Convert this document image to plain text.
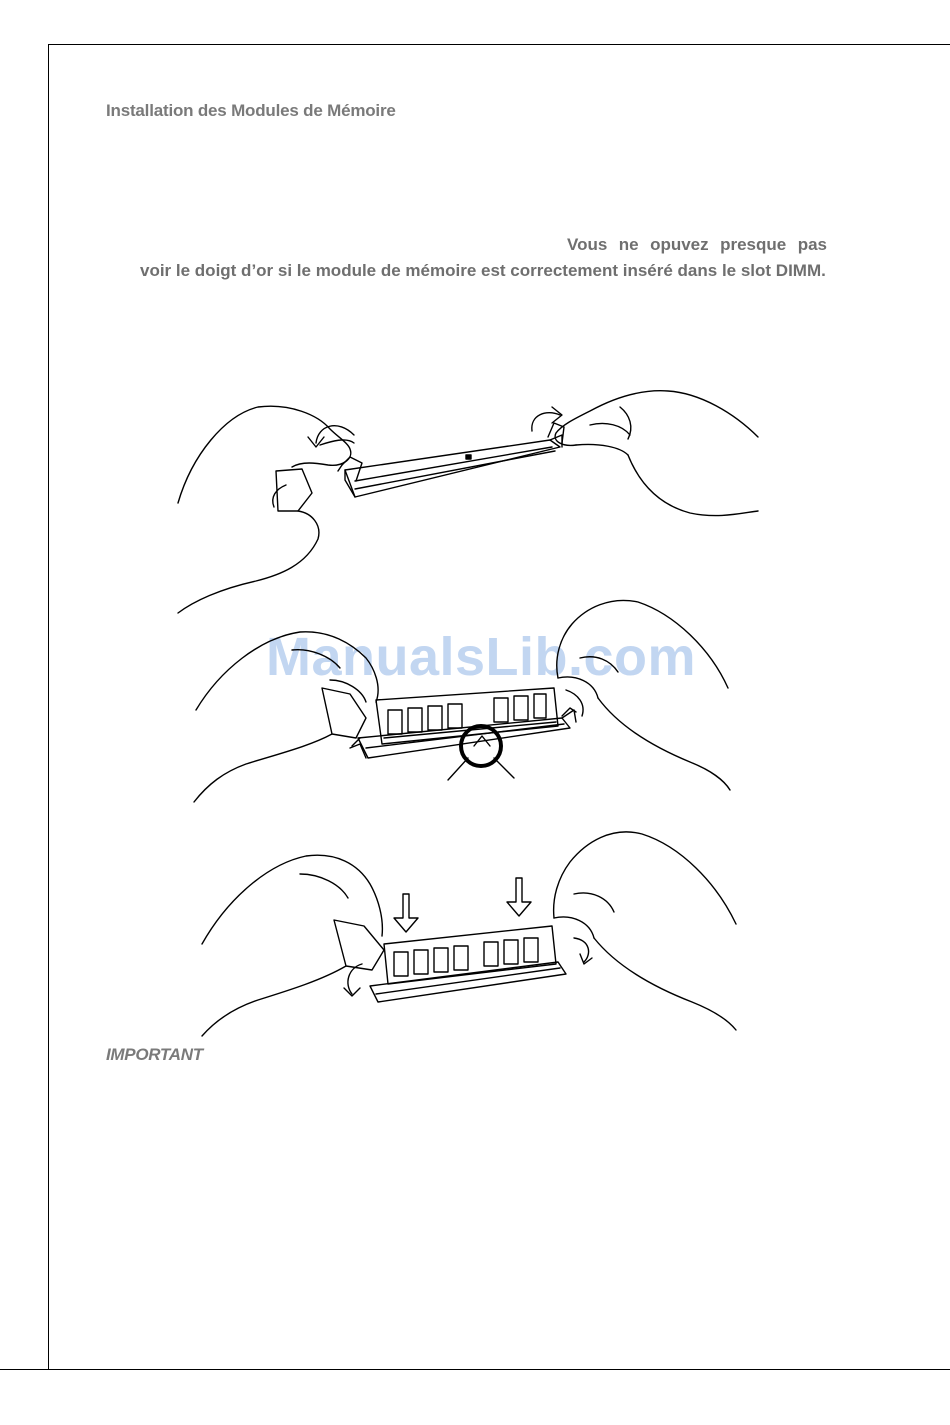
Installation des Modules de Mémoire

Vous ne opuvez presque pas voir le doigt d’or si le module de mémoire est correctement inséré dans le slot DIMM.

ManualsLib.com
IMPORTANT
